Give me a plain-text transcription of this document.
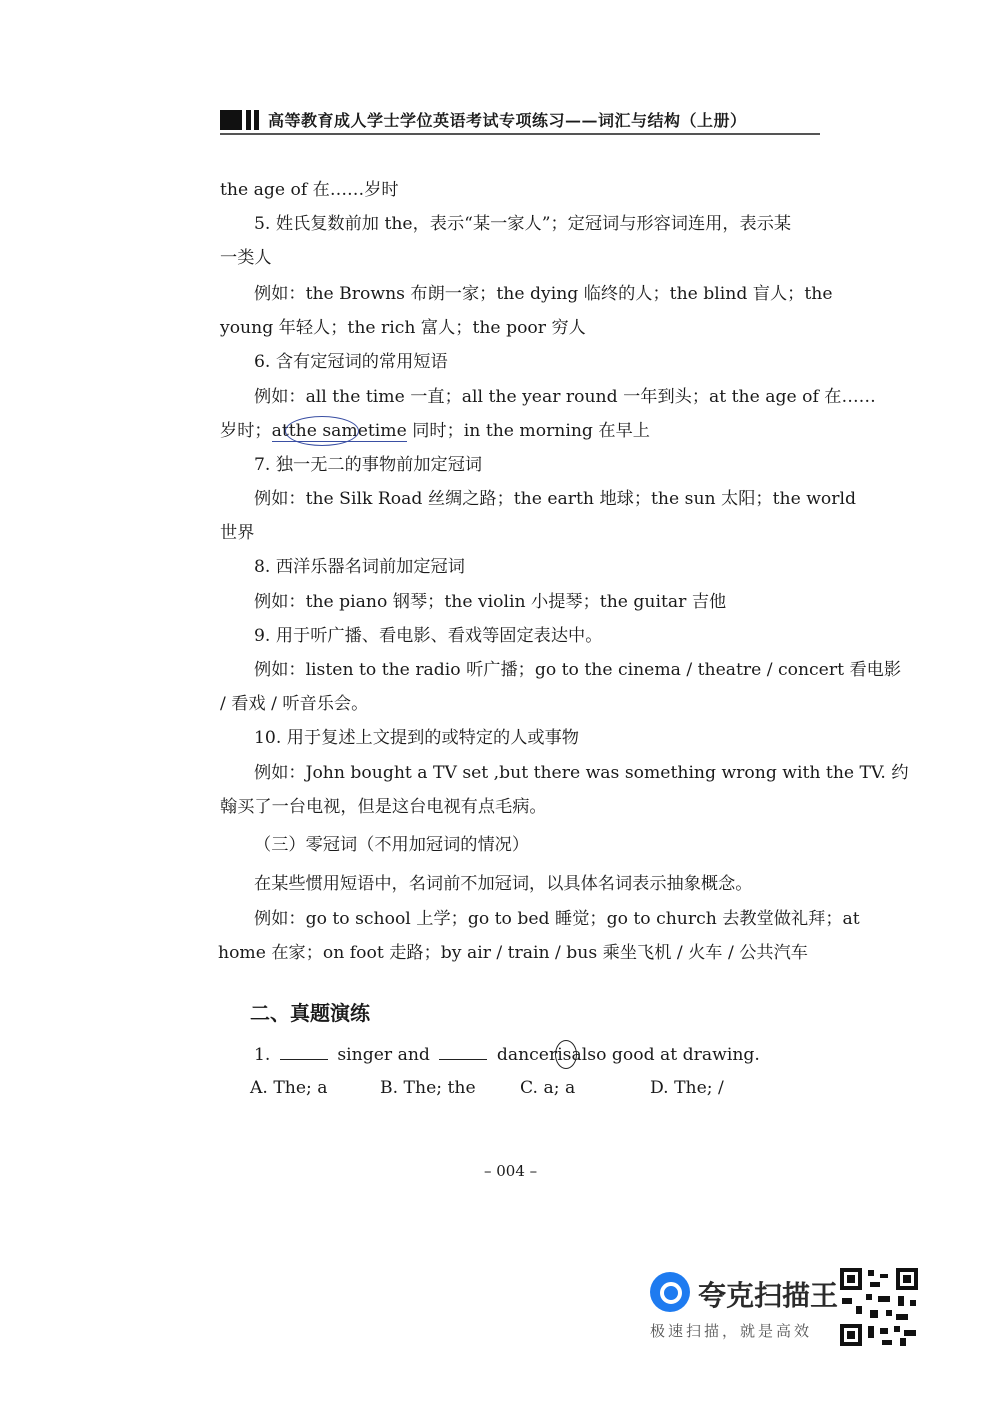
高等教育成人学士学位英语考试专项练习——词汇与结构（上册）
the age of 在……岁时
5. 姓氏复数前加 the，表示“某一家人”；定冠词与形容词连用，表示某
一类人
例如：the Browns 布朗一家；the dying 临终的人；the blind 盲人；the
young 年轻人；the rich 富人；the poor 穷人
6. 含有定冠词的常用短语
例如：all the time 一直；all the year round 一年到头；at the age of 在……
岁时；atthe same
time 同时；in the morning 在早上
7. 独一无二的事物前加定冠词
例如：the Silk Road 丝绸之路；the earth 地球；the sun 太阳；the world
世界
8. 西洋乐器名词前加定冠词
例如：the piano 钢琴；the violin 小提琴；the guitar 吉他
9. 用于听广播、看电影、看戏等固定表达中。
例如：listen to the radio 听广播；go to the cinema / theatre / concert 看电影
/ 看戏 / 听音乐会。
10. 用于复述上文提到的或特定的人或事物
例如：John bought a TV set ,but there was something wrong with the TV. 约
翰买了一台电视，但是这台电视有点毛病。
（三）零冠词（不用加冠词的情况）
在某些惯用短语中，名词前不加冠词，以具体名词表示抽象概念。
例如：go to school 上学；go to bed 睡觉；go to church 去教堂做礼拜；at
home 在家；on foot 走路；by air / train / bus 乘坐飞机 / 火车 / 公共汽车
二、真题演练
1.	singer and	danceris
also good at drawing.
A. The; a	B. The; the	C. a; a	D. The; /
– 004 –
夸克扫描王
极速扫描，就是高效
